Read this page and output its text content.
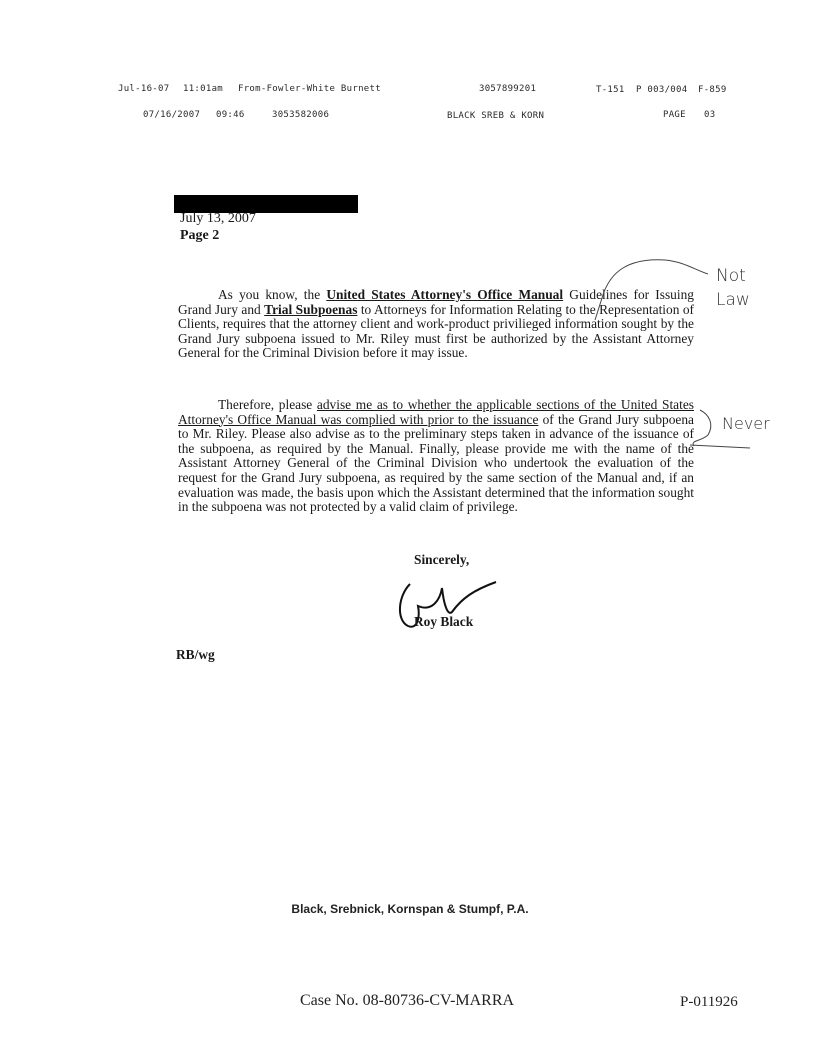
Jul-16-07 11:01am From-Fowler-White Burnett	3057899201	T-151 P 003/004 F-859
07/16/2007 09:46	3053582006	BLACK SREB & KORN	PAGE 03
July 13, 2007
Page 2

As you know, the United States Attorney's Office Manual Guidelines for Issuing Grand Jury and Trial Subpoenas to Attorneys for Information Relating to the Representation of Clients, requires that the attorney client and work-product privilieged information sought by the Grand Jury subpoena issued to Mr. Riley must first be authorized by the Assistant Attorney General for the Criminal Division before it may issue.

Therefore, please advise me as to whether the applicable sections of the United States Attorney's Office Manual was complied with prior to the issuance of the Grand Jury subpoena to Mr. Riley. Please also advise as to the preliminary steps taken in advance of the issuance of the subpoena, as required by the Manual. Finally, please provide me with the name of the Assistant Attorney General of the Criminal Division who undertook the evaluation of the request for the Grand Jury subpoena, as required by the same section of the Manual and, if an evaluation was made, the basis upon which the Assistant determined that the information sought in the subpoena was not protected by a valid claim of privilege.

Not
Law
Never
Sincerely,
Roy Black
RB/wg
Black, Srebnick, Kornspan & Stumpf, P.A.
Case No. 08-80736-CV-MARRA	P-011926
